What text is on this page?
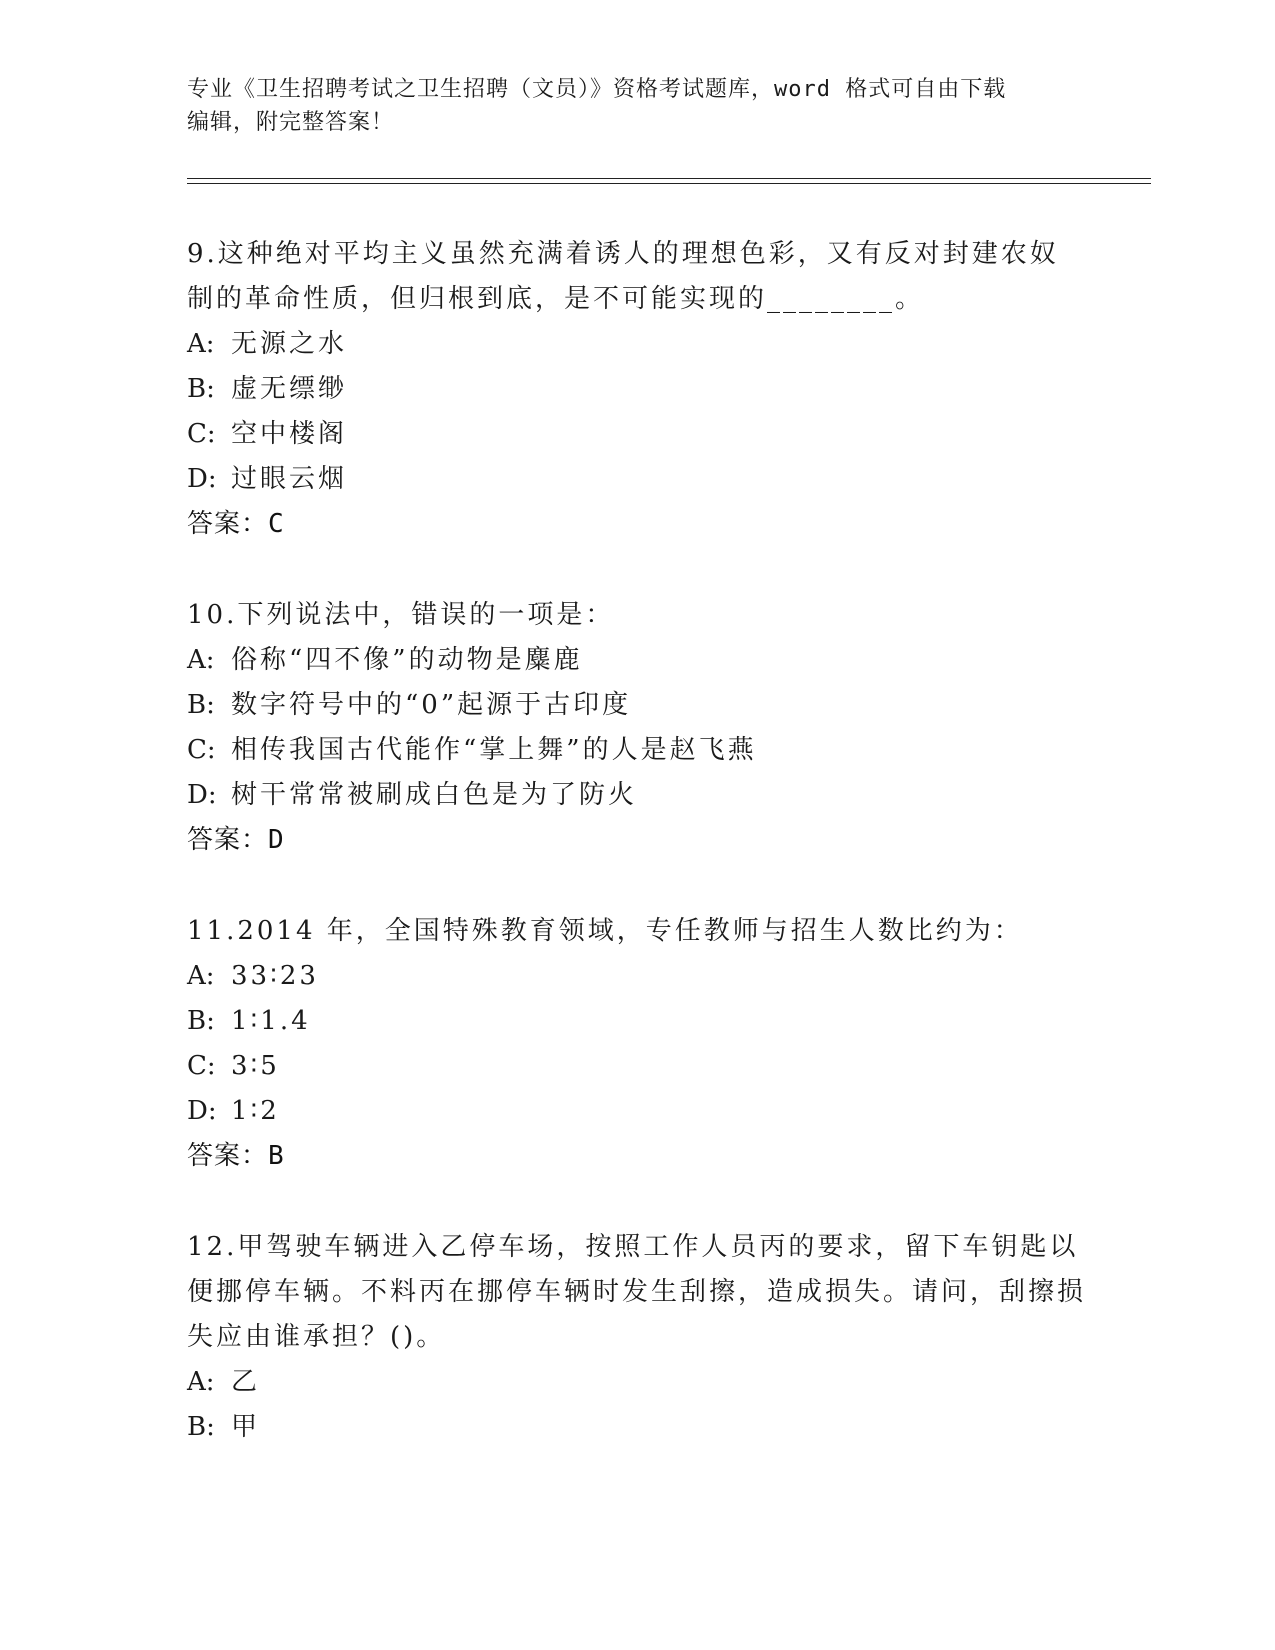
专业《卫生招聘考试之卫生招聘（文员）》资格考试题库，word 格式可自由下载
编辑，附完整答案！

9.这种绝对平均主义虽然充满着诱人的理想色彩，又有反对封建农奴制的革命性质，但归根到底，是不可能实现的________。

A: 无源之水

B: 虚无缥缈

C: 空中楼阁

D: 过眼云烟

答案：C

10.下列说法中，错误的一项是：

A: 俗称“四不像”的动物是麋鹿

B: 数字符号中的“0”起源于古印度

C: 相传我国古代能作“掌上舞”的人是赵飞燕

D: 树干常常被刷成白色是为了防火

答案：D

11.2014 年，全国特殊教育领域，专任教师与招生人数比约为：

A: 33∶23

B: 1∶1.4

C: 3∶5

D: 1∶2

答案：B

12.甲驾驶车辆进入乙停车场，按照工作人员丙的要求，留下车钥匙以便挪停车辆。不料丙在挪停车辆时发生刮擦，造成损失。请问，刮擦损失应由谁承担？()。

A: 乙

B: 甲
